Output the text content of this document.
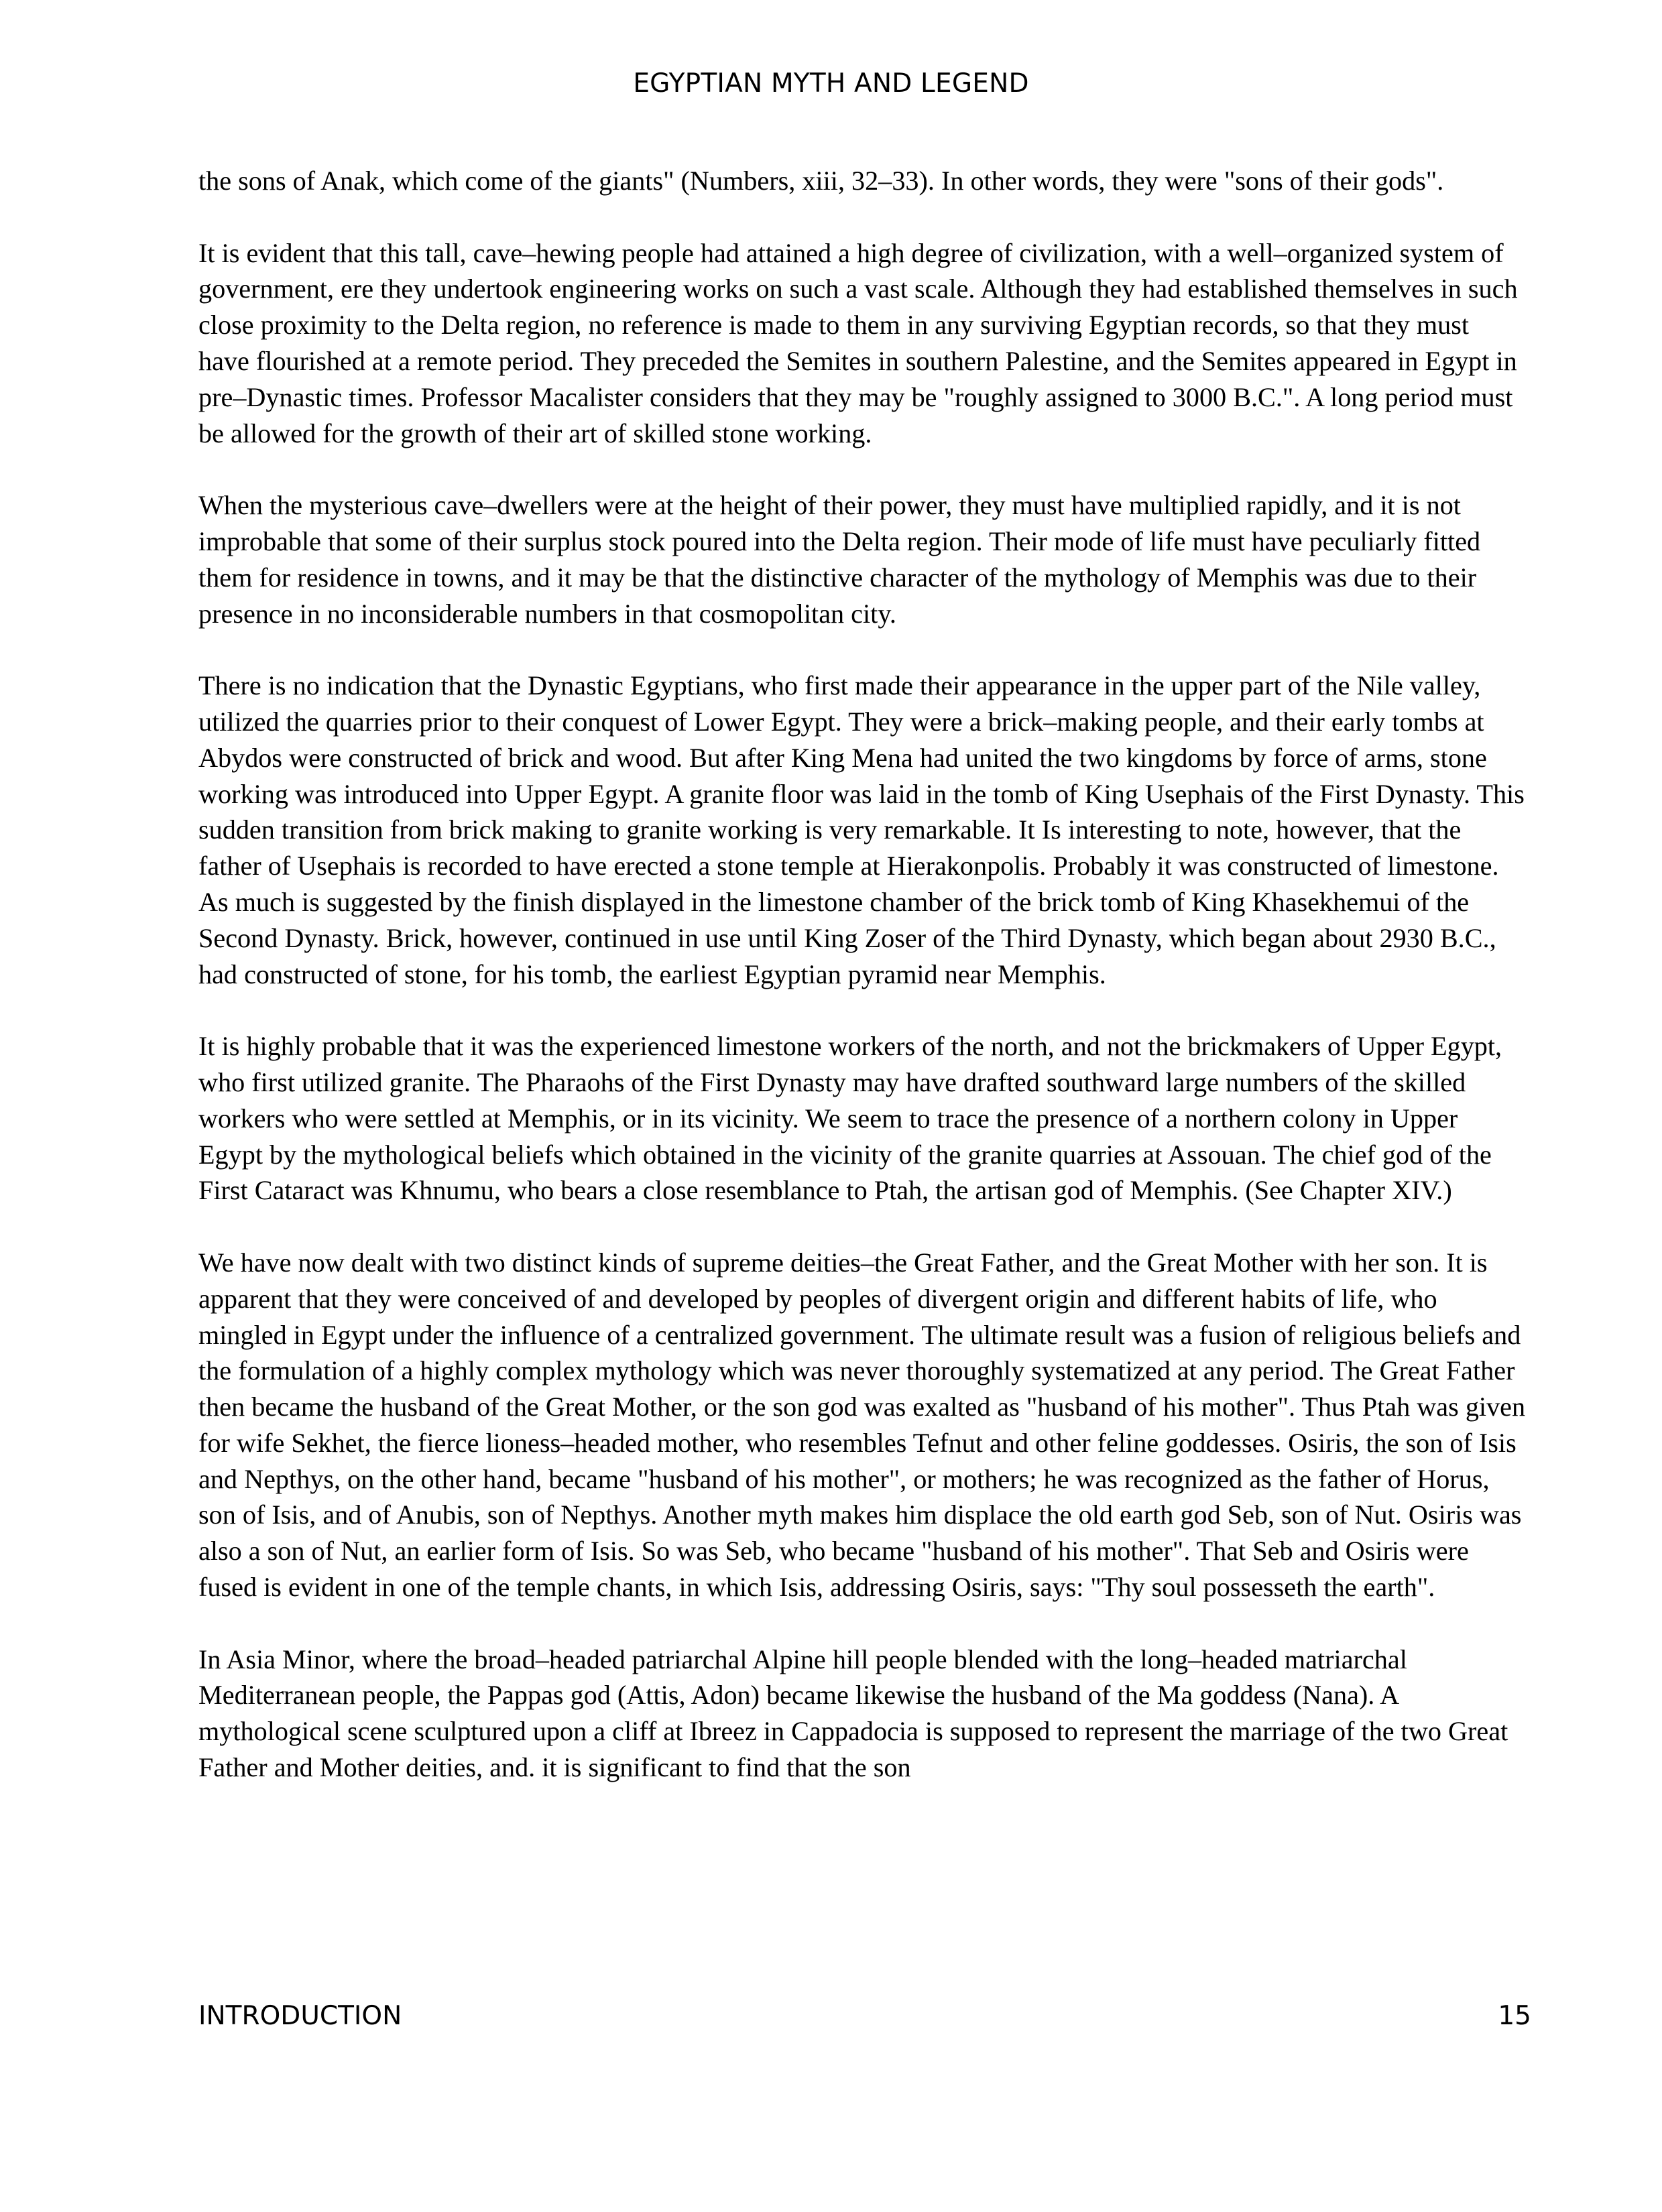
EGYPTIAN MYTH AND LEGEND

the sons of Anak, which come of the giants" (Numbers, xiii, 32–33). In other words, they were "sons of their gods".

It is evident that this tall, cave–hewing people had attained a high degree of civilization, with a well–organized system of government, ere they undertook engineering works on such a vast scale. Although they had established themselves in such close proximity to the Delta region, no reference is made to them in any surviving Egyptian records, so that they must have flourished at a remote period. They preceded the Semites in southern Palestine, and the Semites appeared in Egypt in pre–Dynastic times. Professor Macalister considers that they may be "roughly assigned to 3000 B.C.". A long period must be allowed for the growth of their art of skilled stone working.

When the mysterious cave–dwellers were at the height of their power, they must have multiplied rapidly, and it is not improbable that some of their surplus stock poured into the Delta region. Their mode of life must have peculiarly fitted them for residence in towns, and it may be that the distinctive character of the mythology of Memphis was due to their presence in no inconsiderable numbers in that cosmopolitan city.

There is no indication that the Dynastic Egyptians, who first made their appearance in the upper part of the Nile valley, utilized the quarries prior to their conquest of Lower Egypt. They were a brick–making people, and their early tombs at Abydos were constructed of brick and wood. But after King Mena had united the two kingdoms by force of arms, stone working was introduced into Upper Egypt. A granite floor was laid in the tomb of King Usephais of the First Dynasty. This sudden transition from brick making to granite working is very remarkable. It Is interesting to note, however, that the father of Usephais is recorded to have erected a stone temple at Hierakonpolis. Probably it was constructed of limestone. As much is suggested by the finish displayed in the limestone chamber of the brick tomb of King Khasekhemui of the Second Dynasty. Brick, however, continued in use until King Zoser of the Third Dynasty, which began about 2930 B.C., had constructed of stone, for his tomb, the earliest Egyptian pyramid near Memphis.

It is highly probable that it was the experienced limestone workers of the north, and not the brickmakers of Upper Egypt, who first utilized granite. The Pharaohs of the First Dynasty may have drafted southward large numbers of the skilled workers who were settled at Memphis, or in its vicinity. We seem to trace the presence of a northern colony in Upper Egypt by the mythological beliefs which obtained in the vicinity of the granite quarries at Assouan. The chief god of the First Cataract was Khnumu, who bears a close resemblance to Ptah, the artisan god of Memphis. (See Chapter XIV.)

We have now dealt with two distinct kinds of supreme deities–the Great Father, and the Great Mother with her son. It is apparent that they were conceived of and developed by peoples of divergent origin and different habits of life, who mingled in Egypt under the influence of a centralized government. The ultimate result was a fusion of religious beliefs and the formulation of a highly complex mythology which was never thoroughly systematized at any period. The Great Father then became the husband of the Great Mother, or the son god was exalted as "husband of his mother". Thus Ptah was given for wife Sekhet, the fierce lioness–headed mother, who resembles Tefnut and other feline goddesses. Osiris, the son of Isis and Nepthys, on the other hand, became "husband of his mother", or mothers; he was recognized as the father of Horus, son of Isis, and of Anubis, son of Nepthys. Another myth makes him displace the old earth god Seb, son of Nut. Osiris was also a son of Nut, an earlier form of Isis. So was Seb, who became "husband of his mother". That Seb and Osiris were fused is evident in one of the temple chants, in which Isis, addressing Osiris, says: "Thy soul possesseth the earth".

In Asia Minor, where the broad–headed patriarchal Alpine hill people blended with the long–headed matriarchal Mediterranean people, the Pappas god (Attis, Adon) became likewise the husband of the Ma goddess (Nana). A mythological scene sculptured upon a cliff at Ibreez in Cappadocia is supposed to represent the marriage of the two Great Father and Mother deities, and. it is significant to find that the son

INTRODUCTION	15
